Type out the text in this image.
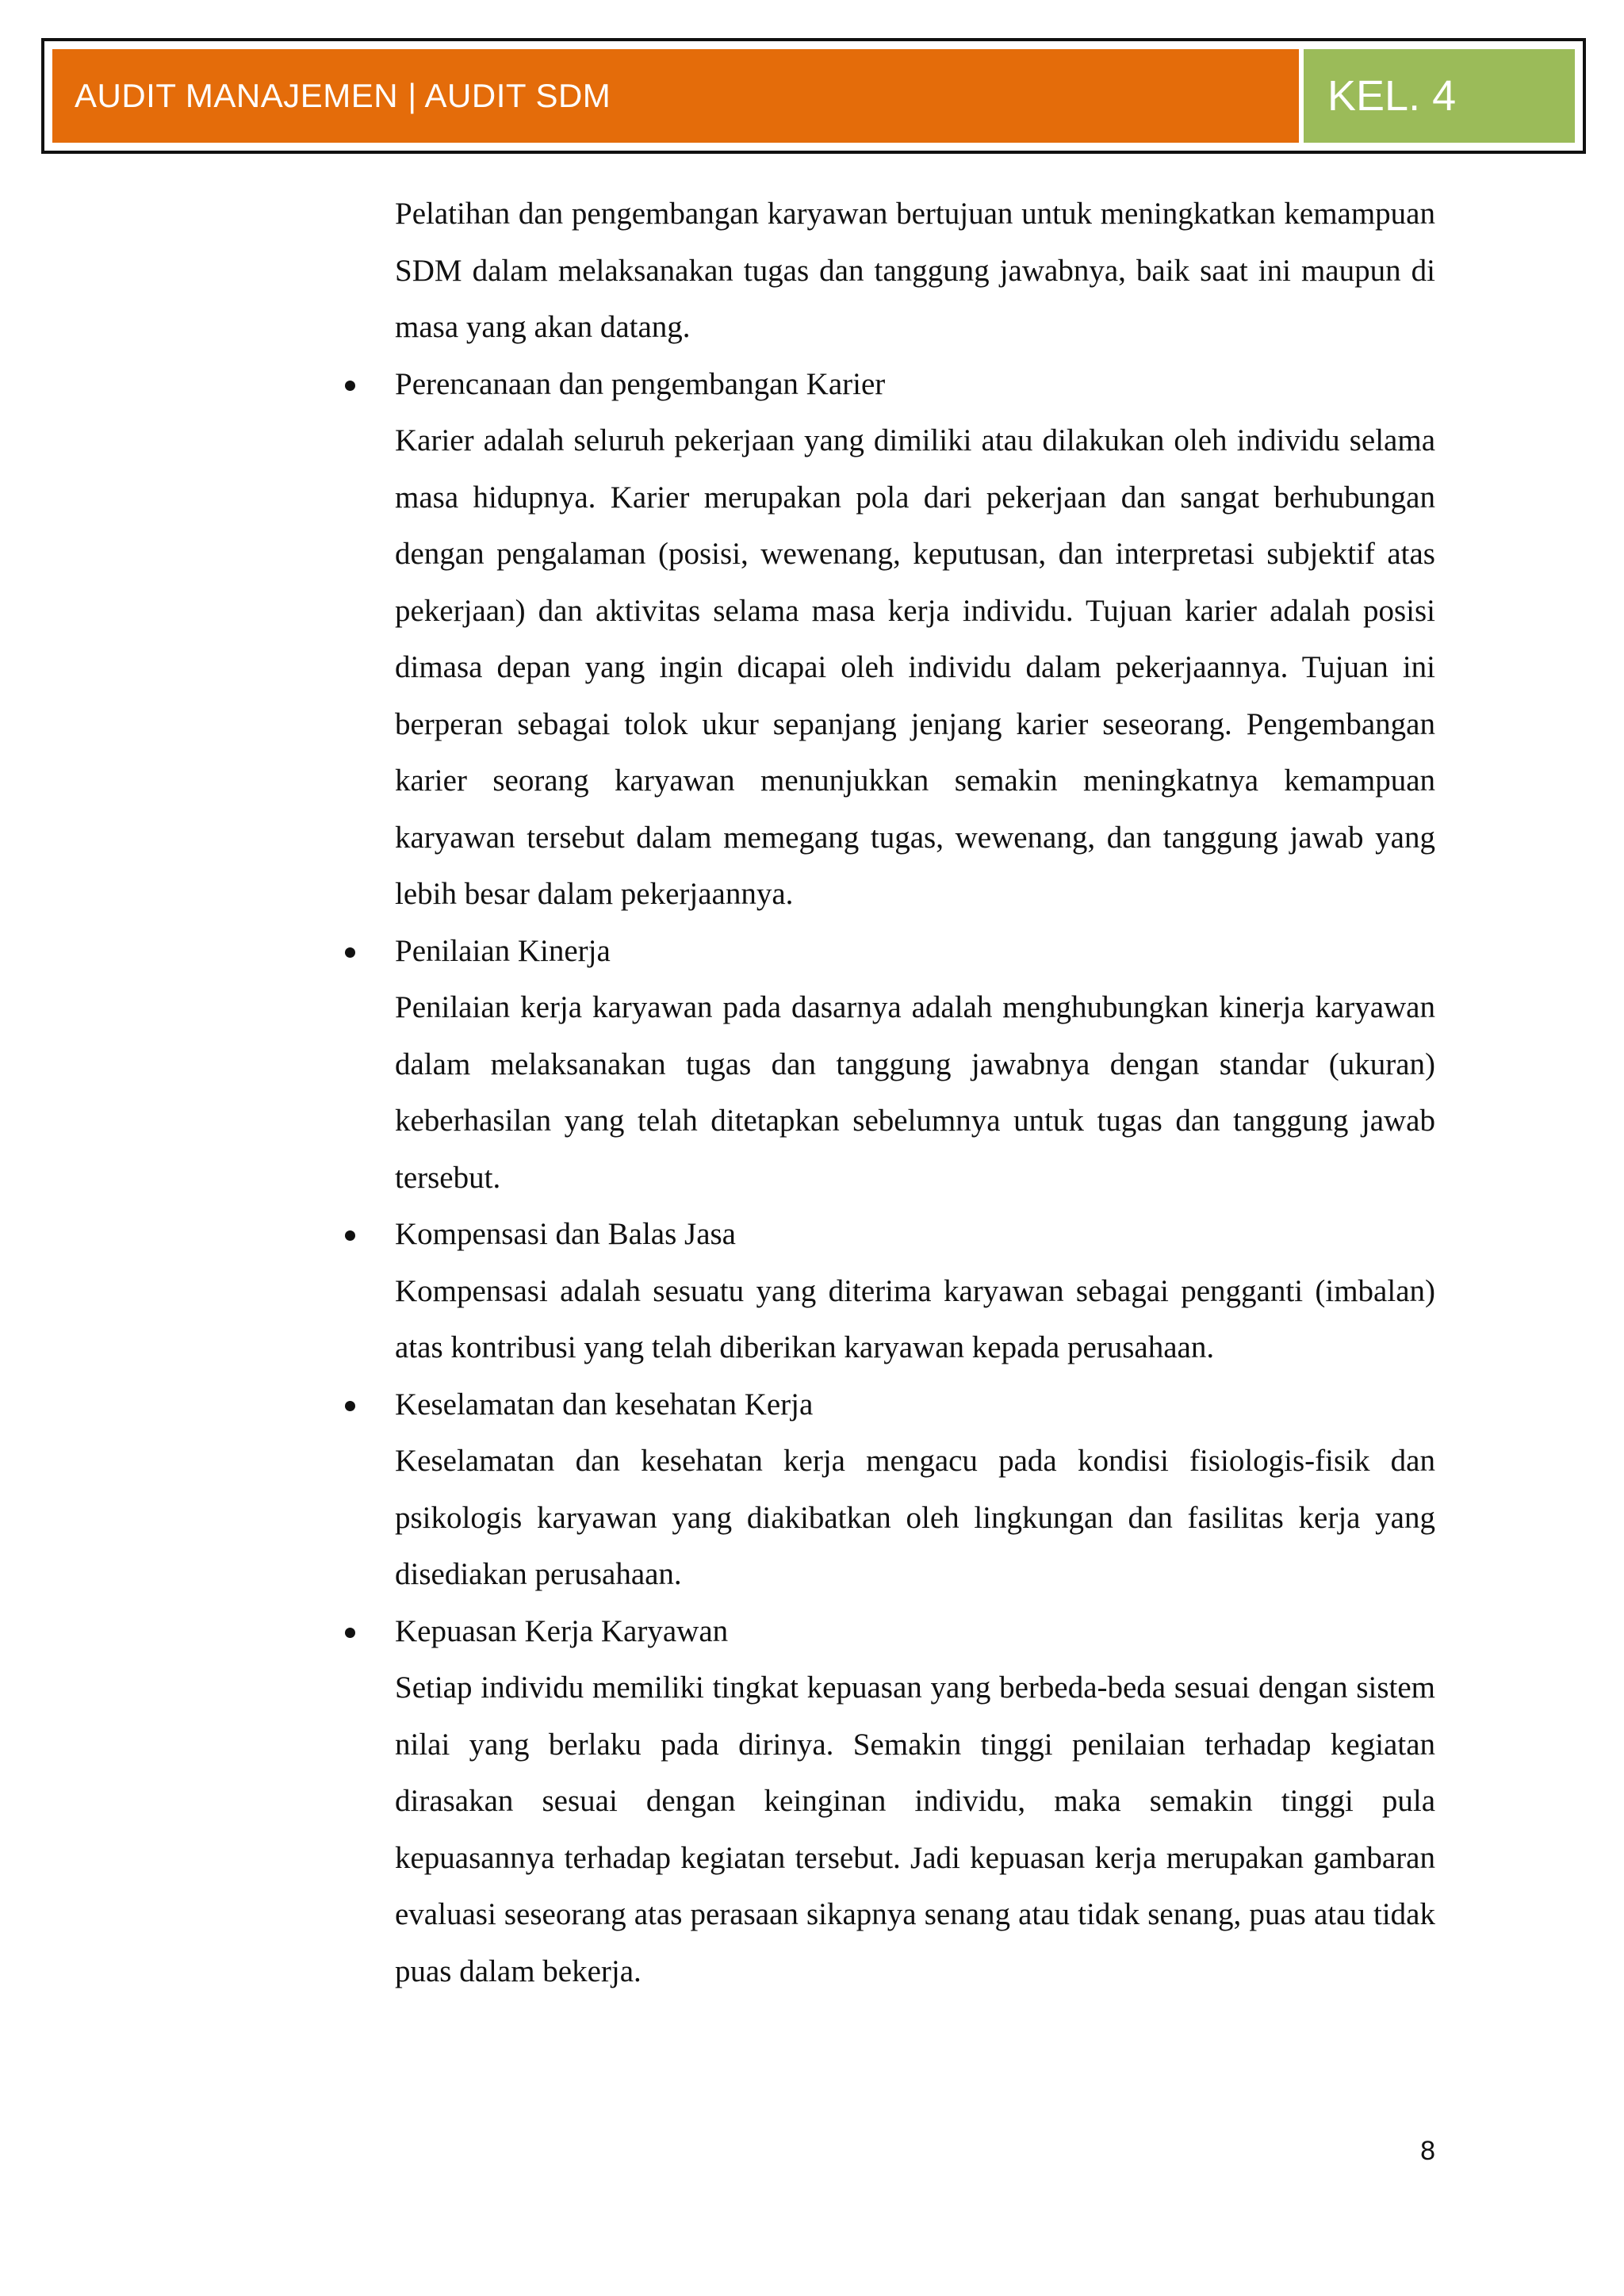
AUDIT MANAJEMEN | AUDIT SDM	KEL. 4

Pelatihan dan pengembangan karyawan bertujuan untuk meningkatkan kemampuan SDM dalam melaksanakan tugas dan tanggung jawabnya, baik saat ini maupun di masa yang akan datang.

Perencanaan dan pengembangan Karier

Karier adalah seluruh pekerjaan yang dimiliki atau dilakukan oleh individu selama masa hidupnya. Karier merupakan pola dari pekerjaan dan sangat berhubungan dengan pengalaman (posisi, wewenang, keputusan, dan interpretasi subjektif atas pekerjaan) dan aktivitas selama masa kerja individu. Tujuan karier adalah posisi dimasa depan yang ingin dicapai oleh individu dalam pekerjaannya. Tujuan ini berperan sebagai tolok ukur sepanjang jenjang karier seseorang. Pengembangan karier seorang karyawan menunjukkan semakin meningkatnya kemampuan karyawan tersebut dalam memegang tugas, wewenang, dan tanggung jawab yang lebih besar dalam pekerjaannya.

Penilaian Kinerja

Penilaian kerja karyawan pada dasarnya adalah menghubungkan kinerja karyawan dalam melaksanakan tugas dan tanggung jawabnya dengan standar (ukuran) keberhasilan yang telah ditetapkan sebelumnya untuk tugas dan tanggung jawab tersebut.

Kompensasi dan Balas Jasa

Kompensasi adalah sesuatu yang diterima karyawan sebagai pengganti (imbalan) atas kontribusi yang telah diberikan karyawan kepada perusahaan.

Keselamatan dan kesehatan Kerja

Keselamatan dan kesehatan kerja mengacu pada kondisi fisiologis-fisik dan psikologis karyawan yang diakibatkan oleh lingkungan dan fasilitas kerja yang disediakan perusahaan.

Kepuasan Kerja Karyawan

Setiap individu memiliki tingkat kepuasan yang berbeda-beda sesuai dengan sistem nilai yang berlaku pada dirinya. Semakin tinggi penilaian terhadap kegiatan dirasakan sesuai dengan keinginan individu, maka semakin tinggi pula kepuasannya terhadap kegiatan tersebut. Jadi kepuasan kerja merupakan gambaran evaluasi seseorang atas perasaan sikapnya senang atau tidak senang, puas atau tidak puas dalam bekerja.

8
